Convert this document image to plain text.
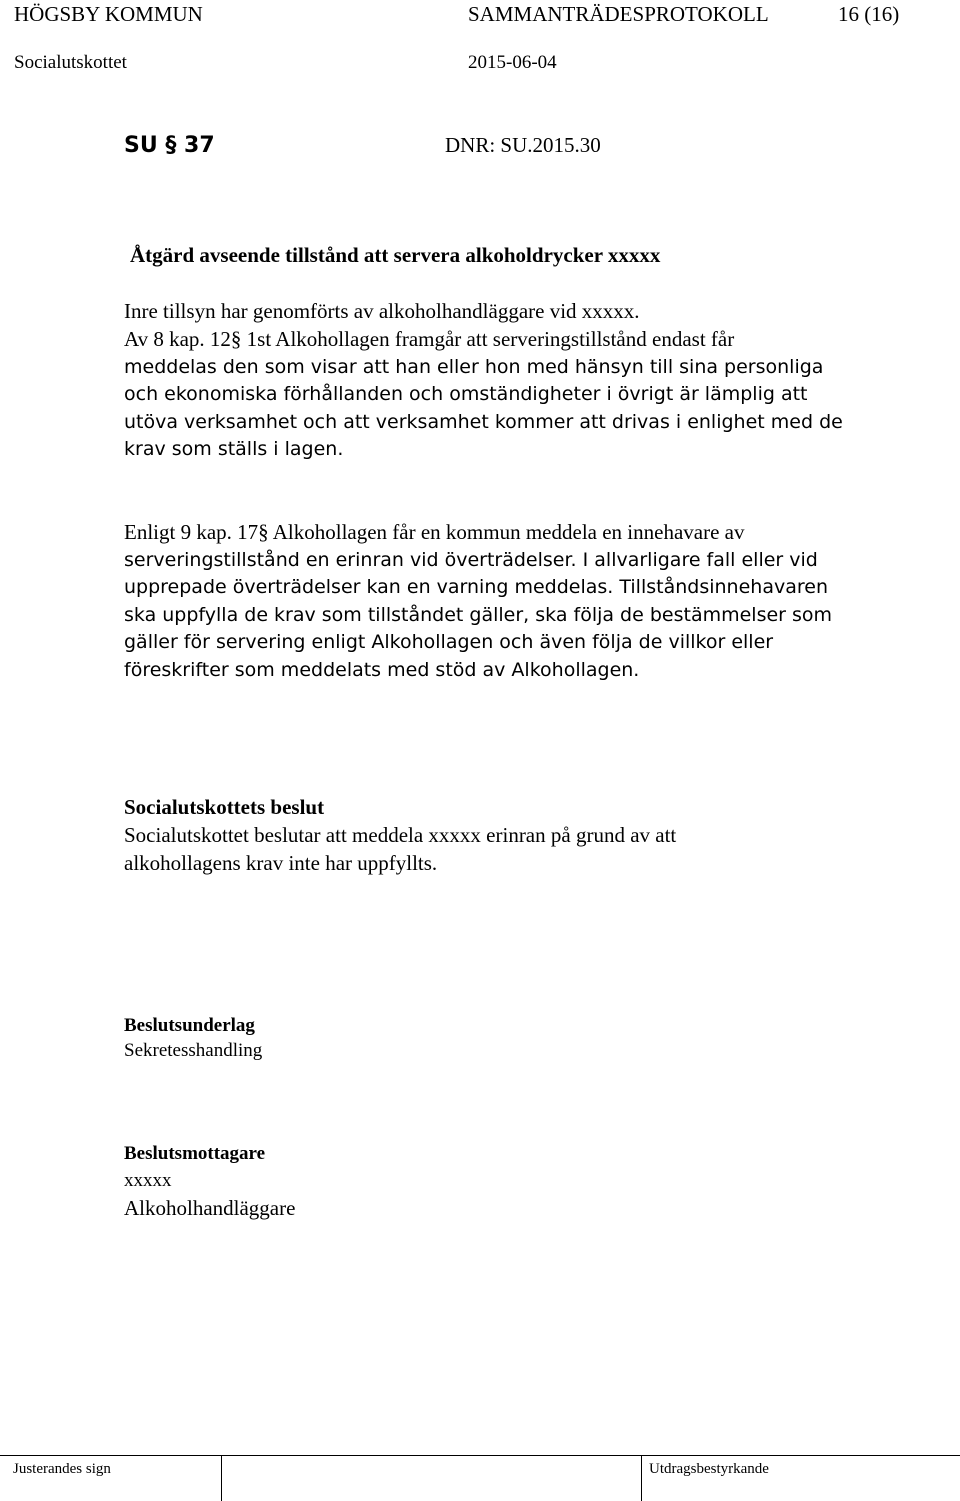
HÖGSBY KOMMUN	SAMMANTRÄDESPROTOKOLL	16 (16)
Socialutskottet	2015-06-04
SU § 37	DNR: SU.2015.30
Åtgärd avseende tillstånd att servera alkoholdrycker xxxxx
Inre tillsyn har genomförts av alkoholhandläggare vid xxxxx.
Av 8 kap. 12§ 1st Alkohollagen framgår att serveringstillstånd endast får
meddelas den som visar att han eller hon med hänsyn till sina personliga
och ekonomiska förhållanden och omständigheter i övrigt är lämplig att
utöva verksamhet och att verksamhet kommer att drivas i enlighet med de
krav som ställs i lagen.
Enligt 9 kap. 17§ Alkohollagen får en kommun meddela en innehavare av
serveringstillstånd en erinran vid överträdelser. I allvarligare fall eller vid
upprepade överträdelser kan en varning meddelas. Tillståndsinnehavaren
ska uppfylla de krav som tillståndet gäller, ska följa de bestämmelser som
gäller för servering enligt Alkohollagen och även följa de villkor eller
föreskrifter som meddelats med stöd av Alkohollagen.
Socialutskottets beslut
Socialutskottet beslutar att meddela xxxxx erinran på grund av att
alkohollagens krav inte har uppfyllts.
Beslutsunderlag
Sekretesshandling
Beslutsmottagare
xxxxx
Alkoholhandläggare
Justerandes sign	Utdragsbestyrkande
